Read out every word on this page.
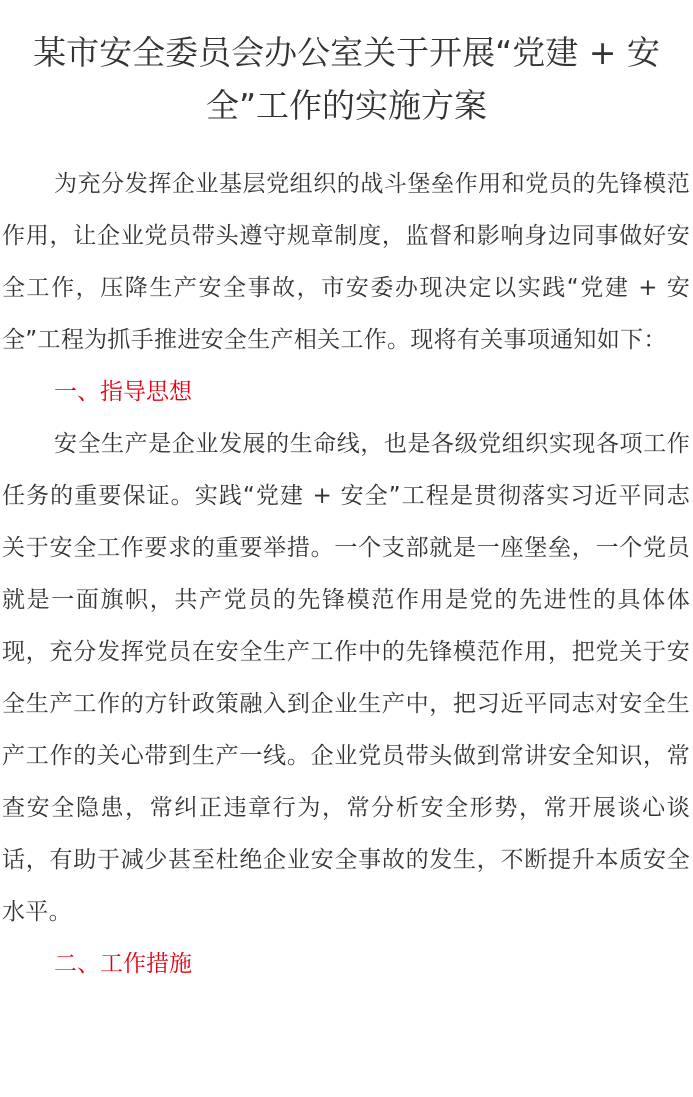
某市安全委员会办公室关于开展“党建 + 安
全”工作的实施方案

为充分发挥企业基层党组织的战斗堡垒作用和党员的先锋模范作用，让企业党员带头遵守规章制度，监督和影响身边同事做好安全工作，压降生产安全事故，市安委办现决定以实践“党建 + 安全”工程为抓手推进安全生产相关工作。现将有关事项通知如下：

一、指导思想

安全生产是企业发展的生命线，也是各级党组织实现各项工作任务的重要保证。实践“党建 + 安全”工程是贯彻落实习近平同志关于安全工作要求的重要举措。一个支部就是一座堡垒，一个党员就是一面旗帜，共产党员的先锋模范作用是党的先进性的具体体现，充分发挥党员在安全生产工作中的先锋模范作用，把党关于安全生产工作的方针政策融入到企业生产中，把习近平同志对安全生产工作的关心带到生产一线。企业党员带头做到常讲安全知识，常查安全隐患，常纠正违章行为，常分析安全形势，常开展谈心谈话，有助于减少甚至杜绝企业安全事故的发生，不断提升本质安全水平。

二、工作措施
